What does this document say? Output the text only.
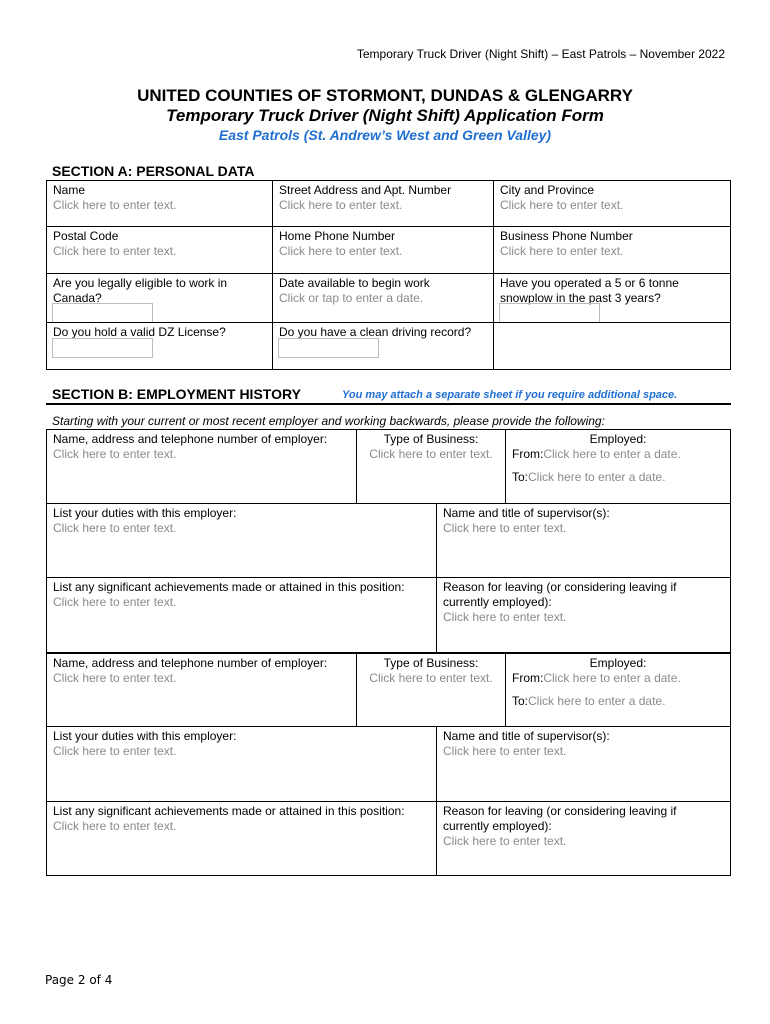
Temporary Truck Driver (Night Shift) – East Patrols – November 2022
UNITED COUNTIES OF STORMONT, DUNDAS & GLENGARRY
Temporary Truck Driver (Night Shift) Application Form
East Patrols (St. Andrew’s West and Green Valley)
SECTION A: PERSONAL DATA
Name
Click here to enter text.
Street Address and Apt. Number
Click here to enter text.
City and Province
Click here to enter text.
Postal Code
Click here to enter text.
Home Phone Number
Click here to enter text.
Business Phone Number
Click here to enter text.
Are you legally eligible to work in Canada?
Date available to begin work
Click or tap to enter a date.
Have you operated a 5 or 6 tonne snowplow in the past 3 years?
Do you hold a valid DZ License?	Do you have a clean driving record?
SECTION B: EMPLOYMENT HISTORY	You may attach a separate sheet if you require additional space.
Starting with your current or most recent employer and working backwards, please provide the following:
Name, address and telephone number of employer:
Click here to enter text.
Type of Business:
Click here to enter text.
Employed:
From:Click here to enter a date.
To:Click here to enter a date.
List your duties with this employer:
Click here to enter text.
Name and title of supervisor(s):
Click here to enter text.
List any significant achievements made or attained in this position:
Click here to enter text.
Reason for leaving (or considering leaving if currently employed):
Click here to enter text.
Name, address and telephone number of employer:
Click here to enter text.
Type of Business:
Click here to enter text.
Employed:
From:Click here to enter a date.
To:Click here to enter a date.
List your duties with this employer:
Click here to enter text.
Name and title of supervisor(s):
Click here to enter text.
List any significant achievements made or attained in this position:
Click here to enter text.
Reason for leaving (or considering leaving if currently employed):
Click here to enter text.
Page 2 of 4
